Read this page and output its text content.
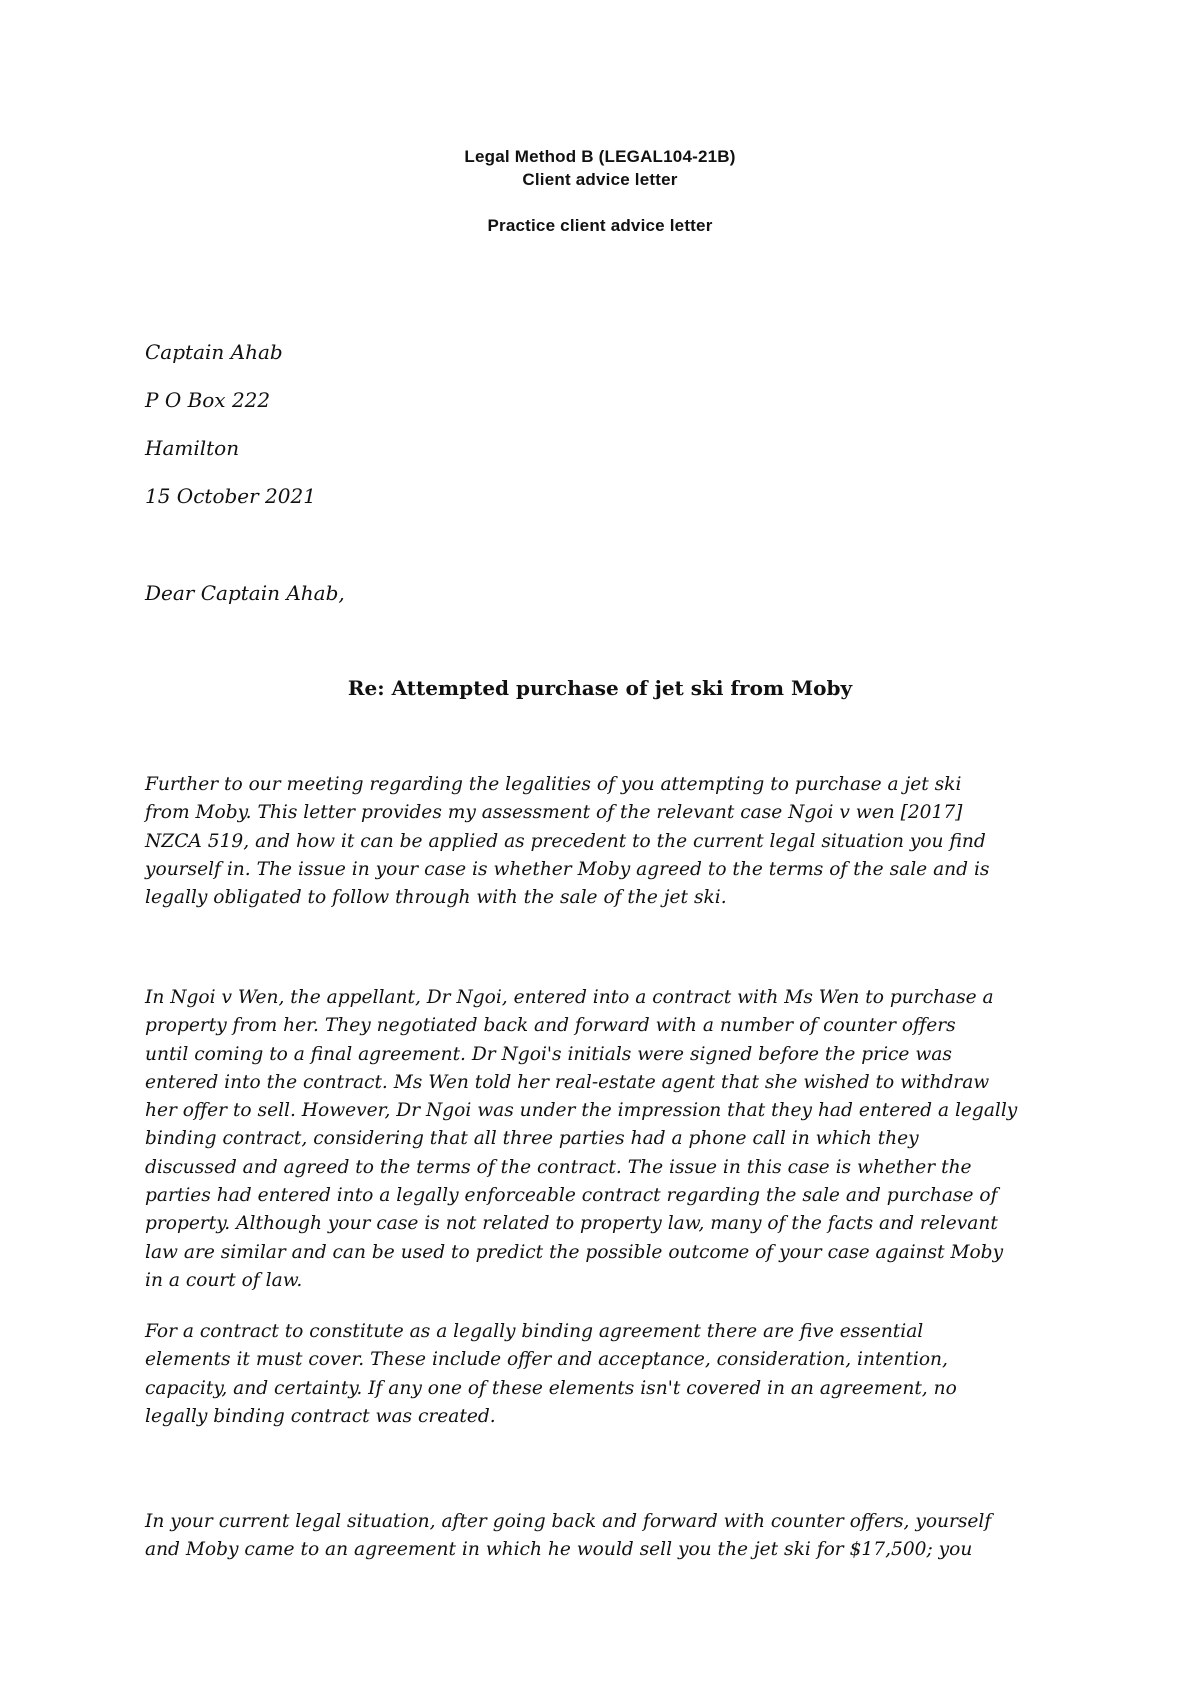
Legal Method B (LEGAL104-21B)
Client advice letter
Practice client advice letter
Captain Ahab
P O Box 222
Hamilton
15 October 2021
Dear Captain Ahab,
Re: Attempted purchase of jet ski from Moby

Further to our meeting regarding the legalities of you attempting to purchase a jet ski
from Moby. This letter provides my assessment of the relevant case Ngoi v wen [2017]
NZCA 519, and how it can be applied as precedent to the current legal situation you find
yourself in. The issue in your case is whether Moby agreed to the terms of the sale and is
legally obligated to follow through with the sale of the jet ski.

In Ngoi v Wen, the appellant, Dr Ngoi, entered into a contract with Ms Wen to purchase a
property from her. They negotiated back and forward with a number of counter offers
until coming to a final agreement. Dr Ngoi's initials were signed before the price was
entered into the contract. Ms Wen told her real-estate agent that she wished to withdraw
her offer to sell. However, Dr Ngoi was under the impression that they had entered a legally
binding contract, considering that all three parties had a phone call in which they
discussed and agreed to the terms of the contract. The issue in this case is whether the
parties had entered into a legally enforceable contract regarding the sale and purchase of
property. Although your case is not related to property law, many of the facts and relevant
law are similar and can be used to predict the possible outcome of your case against Moby
in a court of law.

For a contract to constitute as a legally binding agreement there are five essential
elements it must cover. These include offer and acceptance, consideration, intention,
capacity, and certainty. If any one of these elements isn't covered in an agreement, no
legally binding contract was created.

In your current legal situation, after going back and forward with counter offers, yourself
and Moby came to an agreement in which he would sell you the jet ski for $17,500; you
